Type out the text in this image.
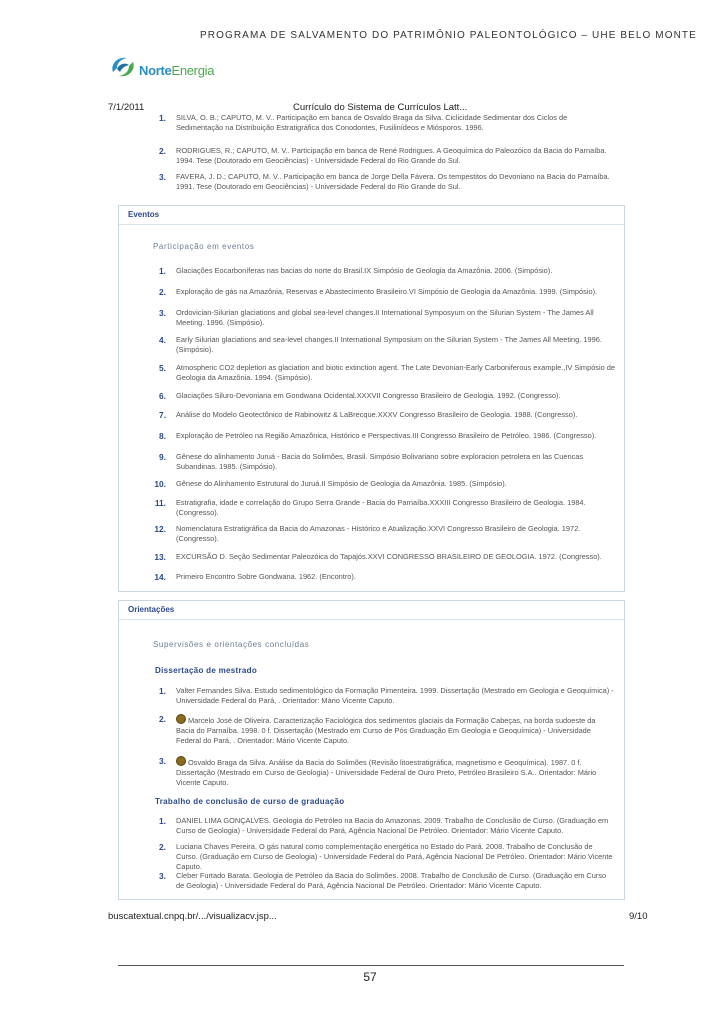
PROGRAMA DE SALVAMENTO DO PATRIMÔNIO PALEONTOLÓGICO – UHE BELO MONTE
NorteEnergia
7/1/2011	Currículo do Sistema de Currículos Latt...
1. SILVA, O. B.; CAPUTO, M. V.. Participação em banca de Osvaldo Braga da Silva. Ciclicidade Sedimentar dos Ciclos de Sedimentação na Distribuição Estratigráfica dos Conodontes, Fusilinídeos e Miósporos. 1996.
2. RODRIGUES, R.; CAPUTO, M. V.. Participação em banca de René Rodrigues. A Geoquímica do Paleozóico da Bacia do Parnaíba. 1994. Tese (Doutorado em Geociências) - Universidade Federal do Rio Grande do Sul.
3. FAVERA, J. D.; CAPUTO, M. V.. Participação em banca de Jorge Della Fávera. Os tempestitos do Devoniano na Bacia do Parnaíba. 1991. Tese (Doutorado em Geociências) - Universidade Federal do Rio Grande do Sul.
Eventos
Participação em eventos
1. Glaciações Eocarboníferas nas bacias do norte do Brasil.IX Simpósio de Geologia da Amazônia. 2006. (Simpósio).
2. Exploração de gás na Amazônia, Reservas e Abastecimento Brasileiro.VI Simpósio de Geologia da Amazônia. 1999. (Simpósio).
3. Ordovician-Silurian glaciations and global sea-level changes.II International Symposyum on the Silurian System - The James All Meeting. 1996. (Simpósio).
4. Early Silurian glaciations and sea-level changes.II International Symposium on the Silurian System - The James All Meeting. 1996. (Simpósio).
5. Atmospheric CO2 depletion as glaciation and biotic extinction agent. The Late Devonian-Early Carboniferous example.,IV Simpósio de Geologia da Amazônia. 1994. (Simpósio).
6. Glaciações Siluro-Devoniana em Gondwana Ocidental.XXXVII Congresso Brasileiro de Geologia. 1992. (Congresso).
7. Análise do Modelo Geotectônico de Rabinowitz & LaBrecque.XXXV Congresso Brasileiro de Geologia. 1988. (Congresso).
8. Exploração de Petróleo na Região Amazônica, Histórico e Perspectivas.III Congresso Brasileiro de Petróleo. 1986. (Congresso).
9. Gênese do alinhamento Juruá - Bacia do Solimões, Brasil. Simpósio Bolivariano sobre exploracion petrolera en las Cuencas Subandinas. 1985. (Simpósio).
10. Gênese do Alinhamento Estrutural do Juruá.II Simpósio de Geologia da Amazônia. 1985. (Simpósio).
11. Estratigrafia, idade e correlação do Grupo Serra Grande - Bacia do Parnaíba.XXXIII Congresso Brasileiro de Geologia. 1984. (Congresso).
12. Nomenclatura Estratigráfica da Bacia do Amazonas - Histórico e Atualização.XXVI Congresso Brasileiro de Geologia. 1972. (Congresso).
13. EXCURSÃO D. Seção Sedimentar Paleozóica do Tapajós.XXVI CONGRESSO BRASILEIRO DE GEOLOGIA. 1972. (Congresso).
14. Primeiro Encontro Sobre Gondwana. 1962. (Encontro).
Orientações
Supervisões e orientações concluídas
Dissertação de mestrado
Trabalho de conclusão de curso de graduação
1. Valter Fernandes Silva. Estudo sedimentológico da Formação Pimenteira. 1999. Dissertação (Mestrado em Geologia e Geoquímica) - Universidade Federal do Pará, . Orientador: Mário Vicente Caputo.
2.	Marcelo José de Oliveira. Caracterização Faciológica dos sedimentos glaciais da Formação Cabeças, na borda sudoeste da Bacia do Parnaíba. 1998. 0 f. Dissertação (Mestrado em Curso de Pós Graduação Em Geologia e Geoquímica) - Universidade Federal do Pará, . Orientador: Mário Vicente Caputo.
3.	Osvaldo Braga da Silva. Análise da Bacia do Solimões (Revisão litoestratigráfica, magnetismo e Geoquímica). 1987. 0 f. Dissertação (Mestrado em Curso de Geologia) - Universidade Federal de Ouro Preto, Petróleo Brasileiro S.A.. Orientador: Mário Vicente Caputo.
1. DANIEL LIMA GONÇALVES. Geologia do Petróleo na Bacia do Amazonas. 2009. Trabalho de Conclusão de Curso. (Graduação em Curso de Geologia) - Universidade Federal do Pará, Agência Nacional De Petróleo. Orientador: Mário Vicente Caputo.
2. Luciana Chaves Pereira. O gás natural como complementação energética no Estado do Pará. 2008. Trabalho de Conclusão de Curso. (Graduação em Curso de Geologia) - Universidade Federal do Pará, Agência Nacional De Petróleo. Orientador: Mário Vicente Caputo.
3. Cleber Furtado Barata. Geologia de Petróleo da Bacia do Solimões. 2008. Trabalho de Conclusão de Curso. (Graduação em Curso de Geologia) - Universidade Federal do Pará, Agência Nacional De Petróleo. Orientador: Mário Vicente Caputo.
buscatextual.cnpq.br/.../visualizacv.jsp...	9/10
57
